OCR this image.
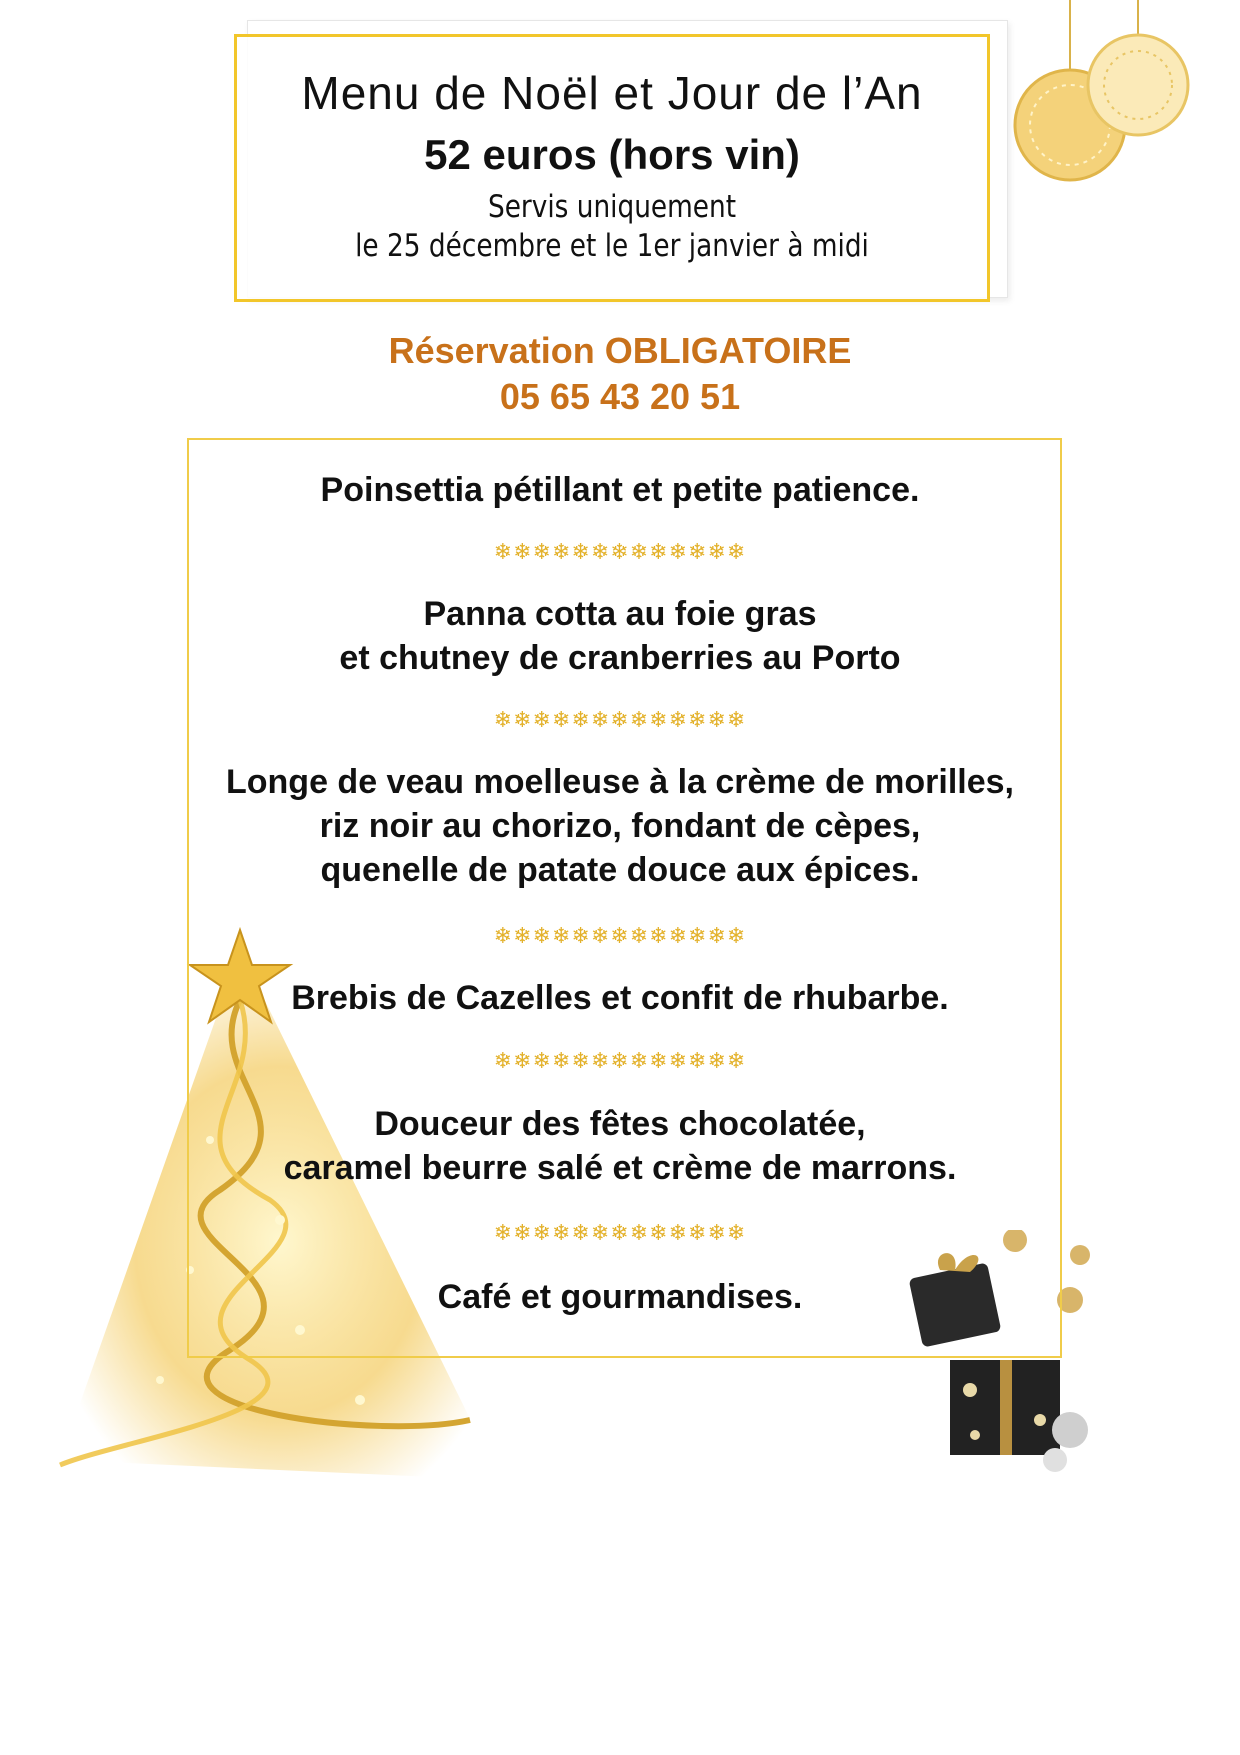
Menu de Noël et Jour de l’An
52 euros (hors vin)
Servis uniquement
le 25 décembre et le 1er janvier à midi
Réservation OBLIGATOIRE
05 65 43 20 51
Poinsettia pétillant et petite patience.
❄❄❄❄❄❄❄❄❄❄❄❄❄
Panna cotta au foie gras
et chutney de cranberries au Porto
❄❄❄❄❄❄❄❄❄❄❄❄❄
Longe de veau moelleuse à la crème de morilles,
riz noir au chorizo, fondant de cèpes,
quenelle de patate douce aux épices.
❄❄❄❄❄❄❄❄❄❄❄❄❄
Brebis de Cazelles et confit de rhubarbe.
❄❄❄❄❄❄❄❄❄❄❄❄❄
Douceur des fêtes chocolatée,
caramel beurre salé et crème de marrons.
❄❄❄❄❄❄❄❄❄❄❄❄❄
Café et gourmandises.
